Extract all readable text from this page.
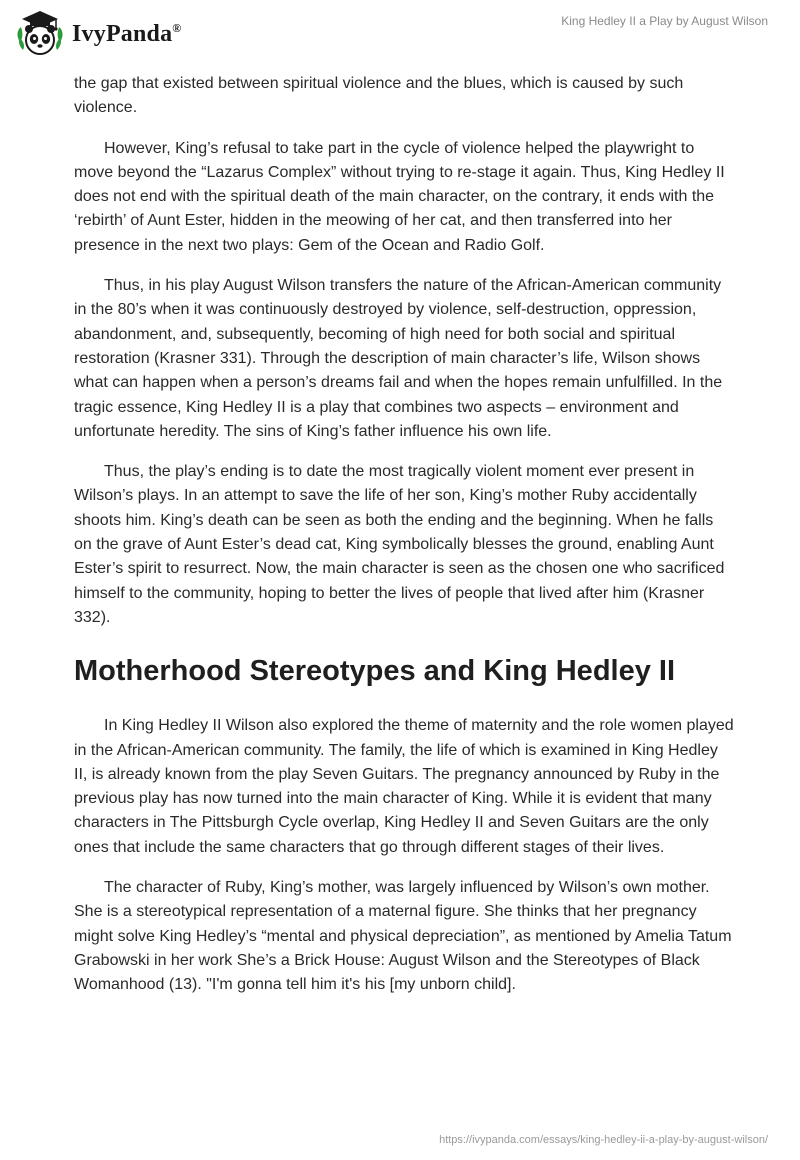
IvyPanda®	King Hedley II a Play by August Wilson

the gap that existed between spiritual violence and the blues, which is caused by such violence.

However, King’s refusal to take part in the cycle of violence helped the playwright to move beyond the “Lazarus Complex” without trying to re-stage it again. Thus, King Hedley II does not end with the spiritual death of the main character, on the contrary, it ends with the ‘rebirth’ of Aunt Ester, hidden in the meowing of her cat, and then transferred into her presence in the next two plays: Gem of the Ocean and Radio Golf.

Thus, in his play August Wilson transfers the nature of the African-American community in the 80’s when it was continuously destroyed by violence, self-destruction, oppression, abandonment, and, subsequently, becoming of high need for both social and spiritual restoration (Krasner 331). Through the description of main character’s life, Wilson shows what can happen when a person’s dreams fail and when the hopes remain unfulfilled. In the tragic essence, King Hedley II is a play that combines two aspects – environment and unfortunate heredity. The sins of King’s father influence his own life.

Thus, the play’s ending is to date the most tragically violent moment ever present in Wilson’s plays. In an attempt to save the life of her son, King’s mother Ruby accidentally shoots him. King’s death can be seen as both the ending and the beginning. When he falls on the grave of Aunt Ester’s dead cat, King symbolically blesses the ground, enabling Aunt Ester’s spirit to resurrect. Now, the main character is seen as the chosen one who sacrificed himself to the community, hoping to better the lives of people that lived after him (Krasner 332).

Motherhood Stereotypes and King Hedley II

In King Hedley II Wilson also explored the theme of maternity and the role women played in the African-American community. The family, the life of which is examined in King Hedley II, is already known from the play Seven Guitars. The pregnancy announced by Ruby in the previous play has now turned into the main character of King. While it is evident that many characters in The Pittsburgh Cycle overlap, King Hedley II and Seven Guitars are the only ones that include the same characters that go through different stages of their lives.

The character of Ruby, King’s mother, was largely influenced by Wilson’s own mother. She is a stereotypical representation of a maternal figure. She thinks that her pregnancy might solve King Hedley’s “mental and physical depreciation”, as mentioned by Amelia Tatum Grabowski in her work She’s a Brick House: August Wilson and the Stereotypes of Black Womanhood (13). "I'm gonna tell him it's his [my unborn child].

https://ivypanda.com/essays/king-hedley-ii-a-play-by-august-wilson/
